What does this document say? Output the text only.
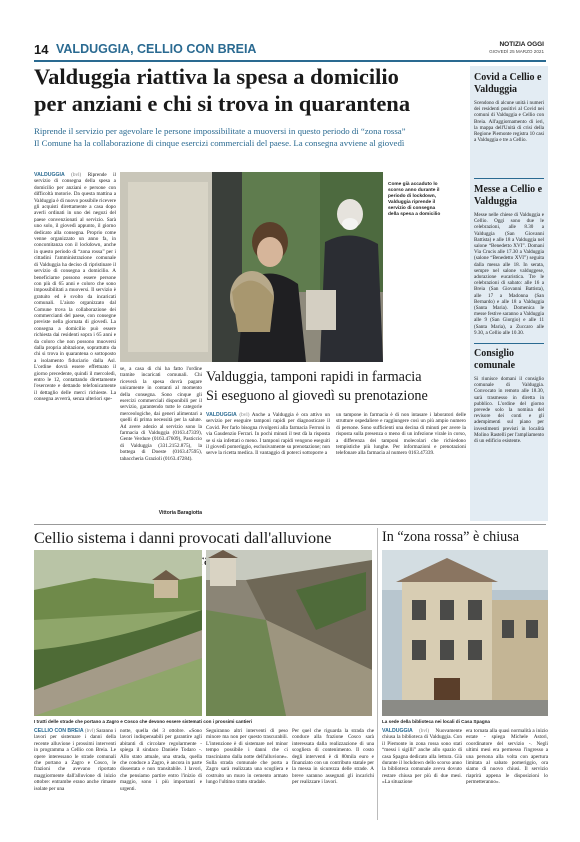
14 VALDUGGIA, CELLIO CON BREIA	NOTIZIA OGGI
GIOVEDÌ 25 MARZO 2021
Valduggia riattiva la spesa a domicilio
per anziani e chi si trova in quarantena
Riprende il servizio per agevolare le persone impossibilitate a muoversi in questo periodo di “zona rossa”
Il Comune ha la collaborazione di cinque esercizi commerciali del paese. La consegna avviene al giovedì
VALDUGGIA (bvl) Riprende il servizio di consegna della spesa a domicilio per anziani e persone con difficoltà motorie. Da questa mattina a Valduggia è di nuovo possibile ricevere gli acquisti direttamente a casa dopo averli ordinati in uno dei negozi del paese convenzionati al servizio. Sarà uno solo, il giovedì appunto, il giorno dedicato alla consegna. Proprio come venne organizzato un anno fa, in concomitanza con il lockdown, anche in questo periodo di “zona rossa” per i cittadini l'amministrazione comunale di Valduggia ha deciso di ripristinare il servizio di consegna a domicilio. A beneficiarne possono essere persone con più di 65 anni e coloro che sono impossibilitati a muoversi. Il servizio è gratuito ed è svolto da incaricati comunali. L'aiuto organizzato dal Comune trova la collaborazione dei commercianti del paese, con consegne previste nella giornata di giovedì. La consegna a domicilio può essere richiesta dai residenti sopra i 65 anni e da coloro che non possono muoversi dalla propria abitazione, soprattutto da chi si trova in quarantena o sottoposto a isolamento fiduciario dalla Asl. L'ordine dovrà essere effettuato il giorno precedente, quindi il mercoledì, entro le 12, contattando direttamente l'esercente e dettando telefonicamente il dettaglio delle merci richieste. La consegna avverrà, senza ulteriori spe-
Come già accaduto lo scorso anno durante il periodo di lockdown, Valduggia riprende il servizio di consegna della spesa a domicilio
se, a casa di chi ha fatto l'ordine tramite incaricati comunali. Chi riceverà la spesa dovrà pagare unicamente in contanti al momento della consegna. Sono cinque gli esercizi commerciali disponibili per il servizio, garantendo tutte le categorie merceologiche, dai generi alimentari a quelli di prima necessità per la salute. Ad avere adezio al servizio sono la farmacia di Valduggia (0163.47339), Gente Verdure (0163.47609), Pasticcio di Valduggia (331.2152.875), la bottega di Doeste (0163.47595), tabaccheria Grazioli (0163.47284).
Vittoria Baragiotta
Valduggia, tamponi rapidi in farmacia
Si eseguono al giovedì su prenotazione
VALDUGGIA (bvl) Anche a Valduggia è ora attivo un servizio per eseguire tamponi rapidi per diagnosticare il Covid. Per farlo bisogna rivolgersi alla farmacia Ferroni in via Gaudenzio Ferrari. In pochi minuti il test dà la risposta se si sia infettati o meno. I tamponi rapidi vengono eseguiti il giovedì pomeriggio, esclusivamente su prenotazione; non serve la ricetta medica. Il vantaggio di poterci sottoporre a
un tampone in farmacia è di non intasare i laboratori delle strutture ospedaliere e raggiungere così un più ampio numero di persone. Sono sufficienti una decina di minuti per avere la risposta sulla presenza o meno di un infezione virale in corso, a differenza dei tamponi molecolari che richiedono tempistiche più lunghe. Per informazioni e prenotazioni telefonare alla farmacia al numero 0163.47339.
Covid a Cellio e Valduggia
Scendono di alcune unità i numeri dei residenti positivi al Covid nei comuni di Valduggia e Cellio con Breia. All'aggiornamento di ieri, la mappa dell'Unità di crisi della Regione Piemonte registra 10 casi a Valduggia e tre a Cellio.
Messe a Cellio e Valduggia
Messe nelle chiese di Valduggia e Cellio. Oggi sono due le celebrazioni, alle 8.30 a Valduggia (San Giovanni Battista) e alle 18 a Valduggia nel salone “Benedetto XVI”. Domani Via Crucis alle 17.30 a Valduggia (salone “Benedetto XVI”) seguita dalla messa alle 18. In serata, sempre nel salone valduggese, adorazione eucaristica. Tre le celebrazioni di sabato: alle 16 a Breia (San Giovanni Battista), alle 17 a Madonna (San Bernardo) e alle 18 a Valduggia (Santa Maria). Domenica le messe festive saranno a Valduggia alle 9 (San Giorgio) e alle 11 (Santa Maria), a Zuccaro alle 9.30, a Cellio alle 10.30.
Consiglio comunale
Si riunisce domani il consiglio comunale di Valduggia. Convocato in remoto alle 18.30, sarà trasmesso in diretta in pubblico. L'ordine del giorno prevede solo la nomina del revisore dei conti e gli adempimenti sul piano per investimenti previsti in località Molino Rastelli per l'ampliamento di un edificio esistente.
Cellio sistema i danni provocati dall'alluvione
I tratti delle strade che portano a Zagro e Cosco che devono essere sistemati con i prossimi cantieri
CELLIO CON BREIA (bvl) Saranno i lavori per sistemare i danni della recente alluvione i prossimi interventi in programma a Cellio con Breia. Le opere interessano le strade comunali che portano a Zagro e Cosco, le frazioni che avevano riportato maggiormente dall'alluvione di inizio ottobre: entrambe erano anche rimaste isolate per una
notte, quella del 3 ottobre. «Sono lavori indispensabili per garantire agli abitanti di circolare regolarmente - spiega il sindaco Daniele Todaro -. Allo stato attuale, una strada, quella che conduce a Zagro, è ancora in parte dissestata e non transitabile. I lavori, che pensiamo partire entro l'inizio di maggio, sono i più importanti e urgenti.
Seguiranno altri interventi di peso minore ma non per questo trascurabili. L'intenzione è di sistemare nel minor tempo possibile i danni che ci trasciniamo dalla notte dell'alluvione». Sulla strada comunale che porta a Zagro sarà realizzata una scogliera e costruito un muro in cemento armato lungo l'ultimo tratto stradale.
Per quel che riguarda la strada che conduce alla frazione Cosco sarà interessata dalla realizzazione di una scogliera di contenimento. Il costo degli interventi è di 80mila euro e finanziato con un contributo statale per la messa in sicurezza delle strade. A breve saranno assegnati gli incarichi per realizzare i lavori.
In “zona rossa” è chiusa
La sede della biblioteca nei locali di Casa Spagna
VALDUGGIA (bvl) Nuovamente chiusa la biblioteca di Valduggia. Con il Piemonte in zona rossa sono stati “messi i sigilli” anche allo spazio di casa Spagna dedicato alla lettura. Già durante il lockdown dello scorso anno la biblioteca comunale aveva dovuto restare chiusa per più di due mesi. «La situazione
era tornata alla quasi normalità a inizio estate - spiega Michele Astori, coordinatore del servizio -. Negli ultimi mesi era permesso l'ingresso a una persona alla volta con apertura limitata al sabato pomeriggio, ora siamo di nuovo chiusi. Il servizio riaprirà appena le disposizioni lo permetteranno».
